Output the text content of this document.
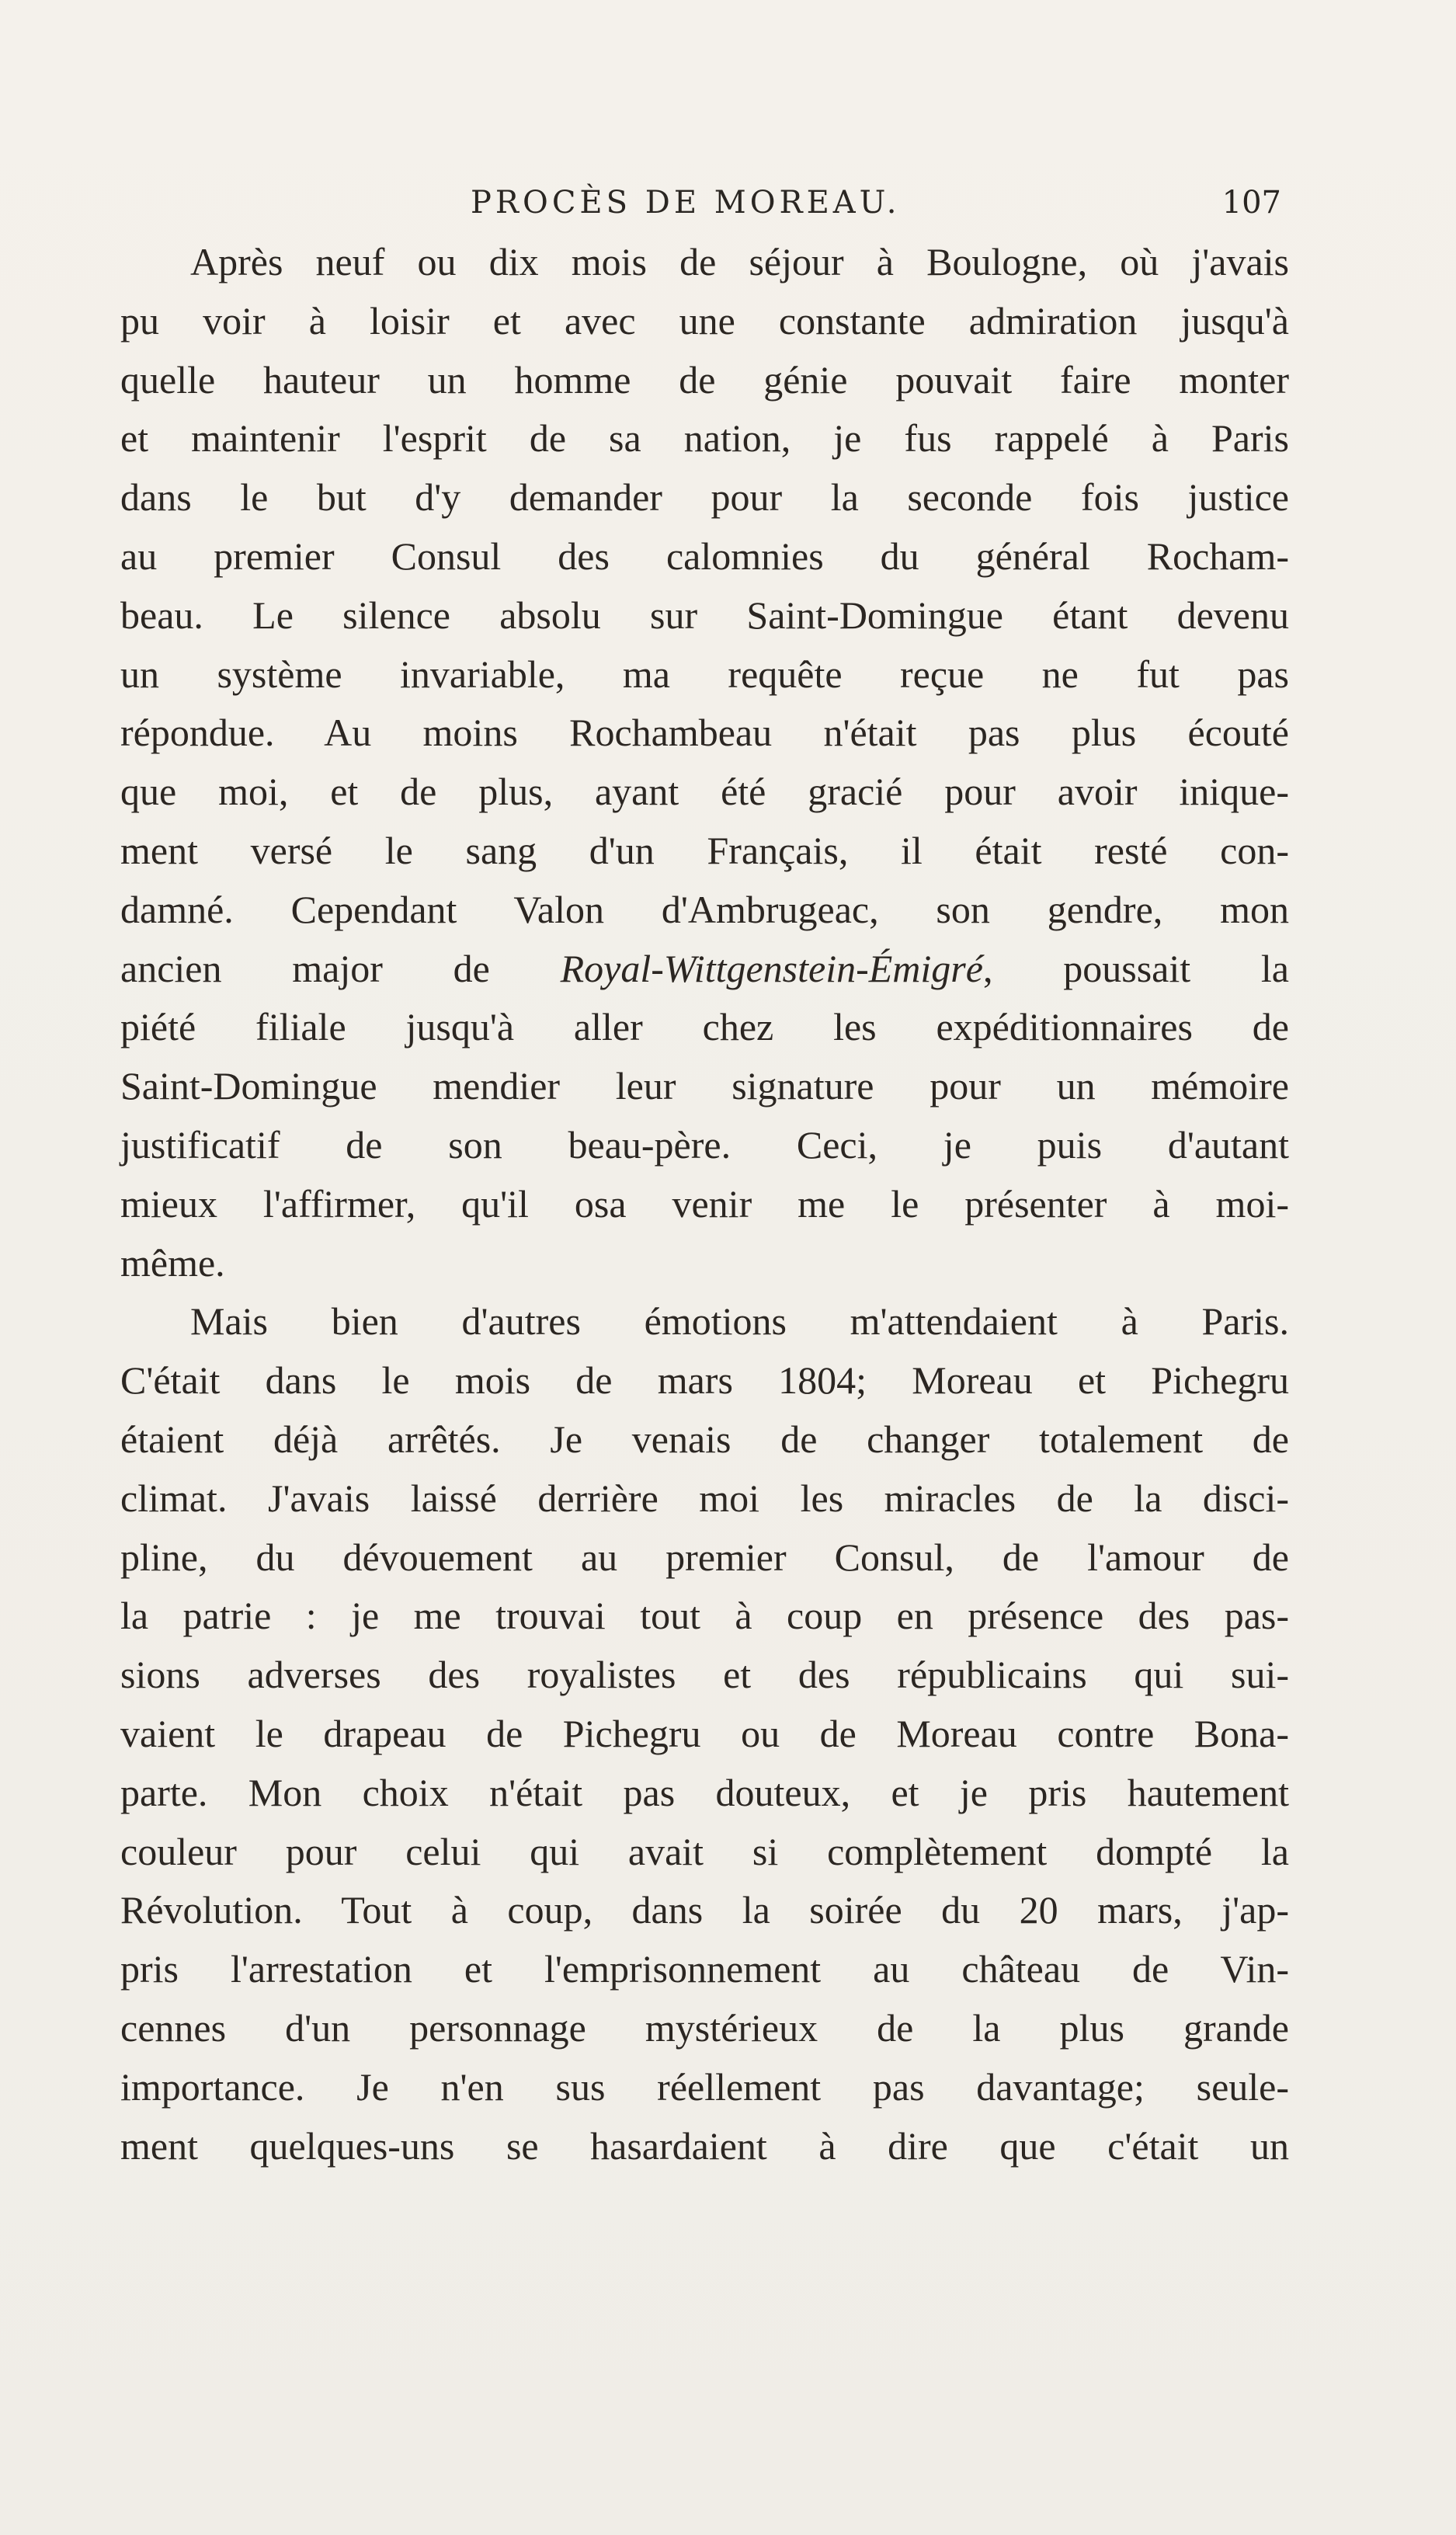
PROCÈS DE MOREAU.	107
Après neuf ou dix mois de séjour à Boulogne, où j'avais
pu voir à loisir et avec une constante admiration jusqu'à
quelle hauteur un homme de génie pouvait faire monter
et maintenir l'esprit de sa nation, je fus rappelé à Paris
dans le but d'y demander pour la seconde fois justice
au premier Consul des calomnies du général Rocham-
beau. Le silence absolu sur Saint-Domingue étant devenu
un système invariable, ma requête reçue ne fut pas
répondue. Au moins Rochambeau n'était pas plus écouté
que moi, et de plus, ayant été gracié pour avoir inique-
ment versé le sang d'un Français, il était resté con-
damné. Cependant Valon d'Ambrugeac, son gendre, mon
ancien major de Royal-Wittgenstein-Émigré, poussait la
piété filiale jusqu'à aller chez les expéditionnaires de
Saint-Domingue mendier leur signature pour un mémoire
justificatif de son beau-père. Ceci, je puis d'autant
mieux l'affirmer, qu'il osa venir me le présenter à moi-
même.
Mais bien d'autres émotions m'attendaient à Paris.
C'était dans le mois de mars 1804; Moreau et Pichegru
étaient déjà arrêtés. Je venais de changer totalement de
climat. J'avais laissé derrière moi les miracles de la disci-
pline, du dévouement au premier Consul, de l'amour de
la patrie : je me trouvai tout à coup en présence des pas-
sions adverses des royalistes et des républicains qui sui-
vaient le drapeau de Pichegru ou de Moreau contre Bona-
parte. Mon choix n'était pas douteux, et je pris hautement
couleur pour celui qui avait si complètement dompté la
Révolution. Tout à coup, dans la soirée du 20 mars, j'ap-
pris l'arrestation et l'emprisonnement au château de Vin-
cennes d'un personnage mystérieux de la plus grande
importance. Je n'en sus réellement pas davantage; seule-
ment quelques-uns se hasardaient à dire que c'était un
